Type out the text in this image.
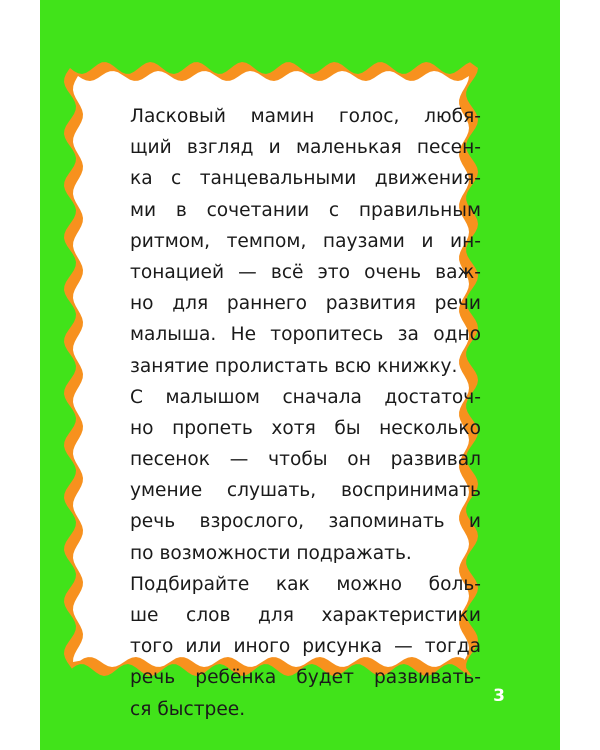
Ласковый мамин голос, любя-
щий взгляд и маленькая песен-
ка с танцевальными движения-
ми в сочетании с правильным
ритмом, темпом, паузами и ин-
тонацией — всё это очень важ-
но для раннего развития речи
малыша. Не торопитесь за одно
занятие пролистать всю книжку.
С малышом сначала достаточ-
но пропеть хотя бы несколько
песенок — чтобы он развивал
умение слушать, воспринимать
речь взрослого, запоминать и
по возможности подражать.
Подбирайте как можно боль-
ше слов для характеристики
того или иного рисунка — тогда
речь ребёнка будет развивать-
ся быстрее.
3
